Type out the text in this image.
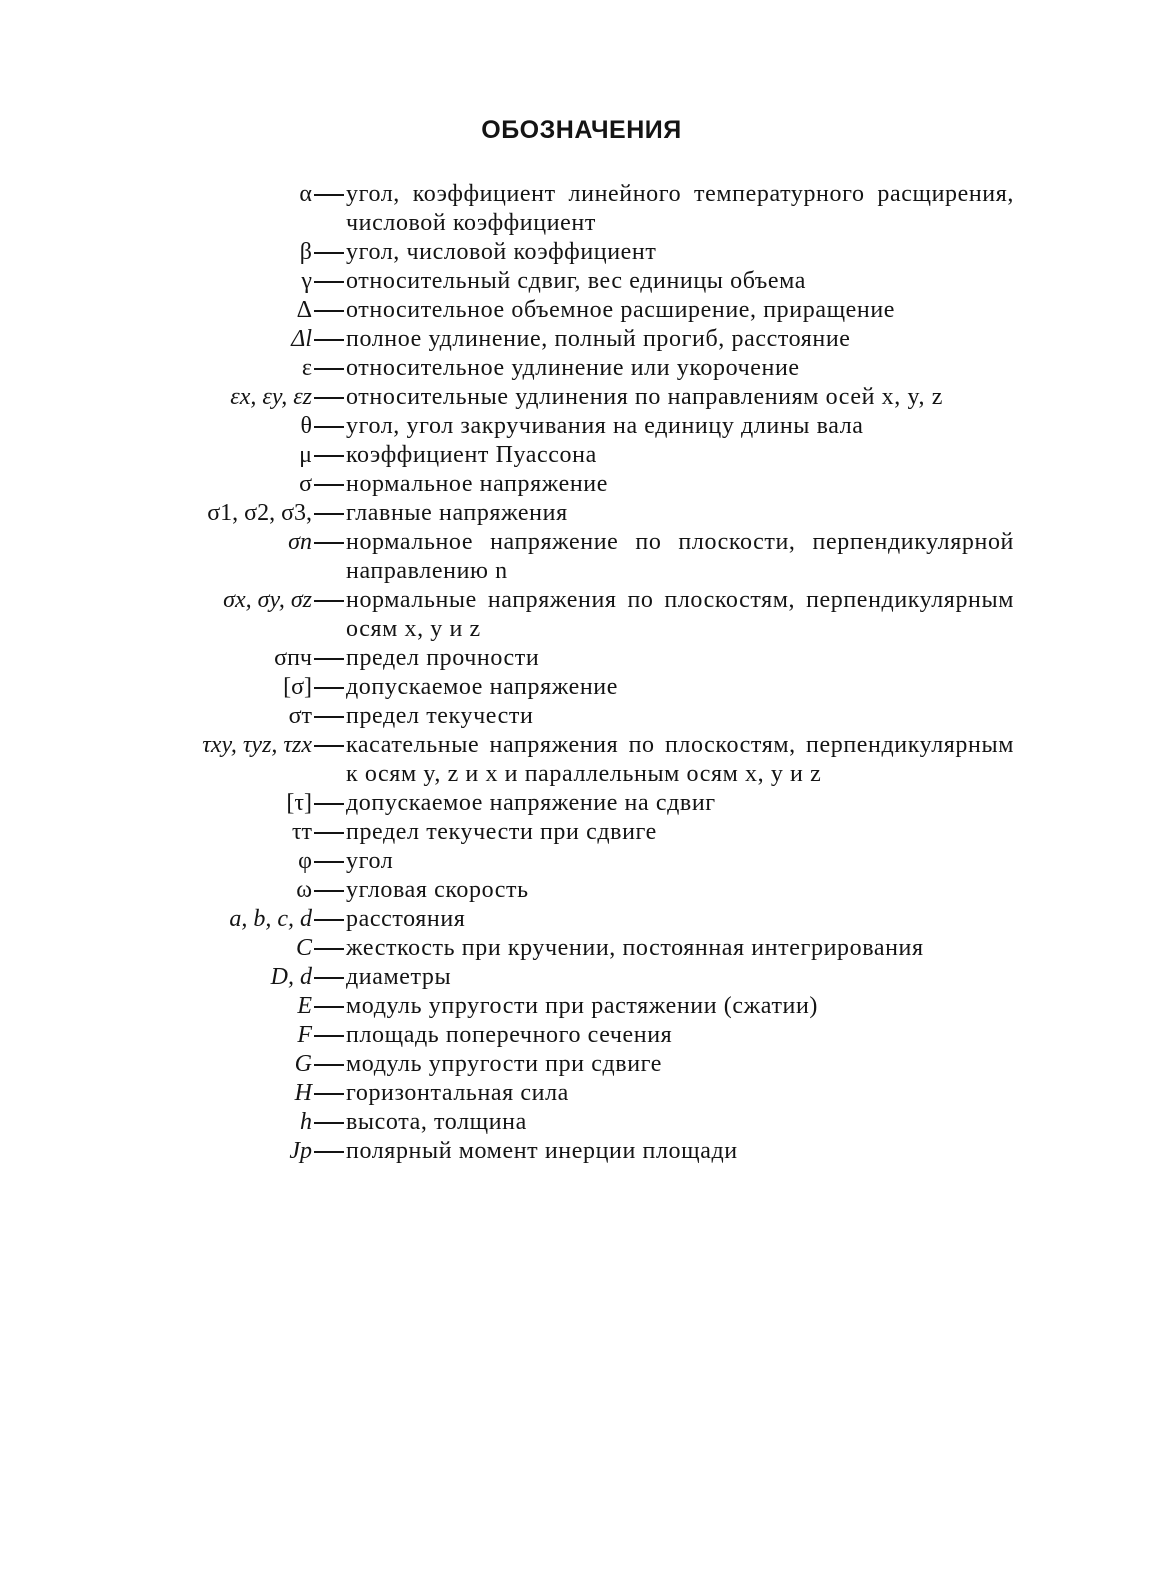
ОБОЗНАЧЕНИЯ
α угол, коэффициент линейного температурного расщирения, числовой коэффициент
β угол, числовой коэффициент
γ относительный сдвиг, вес единицы объема
Δ относительное объемное расширение, приращение
Δl полное удлинение, полный прогиб, расстояние
ε относительное удлинение или укорочение
εx, εy, εz относительные удлинения по направлениям осей x, y, z
θ угол, угол закручивания на единицу длины вала
μ коэффициент Пуассона
σ нормальное напряжение
σ1, σ2, σ3, главные напряжения
σn нормальное напряжение по плоскости, перпендикулярной направлению n
σx, σy, σz нормальные напряжения по плоскостям, перпендикулярным осям x, y и z
σпч предел прочности
[σ] допускаемое напряжение
σт предел текучести
τxy, τyz, τzx касательные напряжения по плоскостям, перпендикулярным к осям y, z и x и параллельным осям x, y и z
[τ] допускаемое напряжение на сдвиг
τт предел текучести при сдвиге
φ угол
ω угловая скорость
a, b, c, d расстояния
C жесткость при кручении, постоянная интегрирования
D, d диаметры
E модуль упругости при растяжении (сжатии)
F площадь поперечного сечения
G модуль упругости при сдвиге
H горизонтальная сила
h высота, толщина
Jp полярный момент инерции площади
